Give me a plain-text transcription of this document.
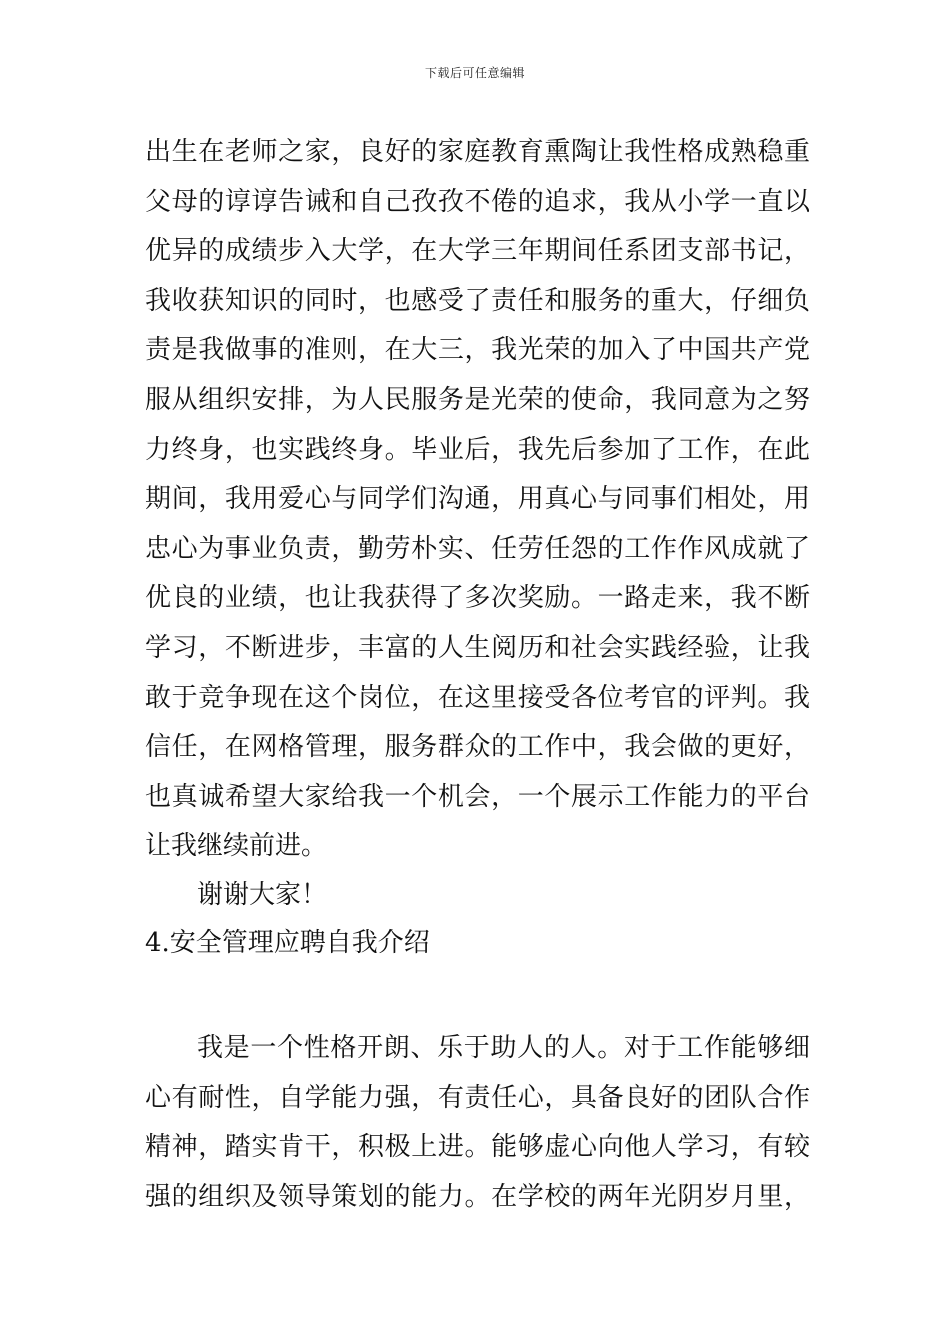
下载后可任意编辑
出生在老师之家，良好的家庭教育熏陶让我性格成熟稳重
父母的谆谆告诫和自己孜孜不倦的追求，我从小学一直以
优异的成绩步入大学，在大学三年期间任系团支部书记，
我收获知识的同时，也感受了责任和服务的重大，仔细负
责是我做事的准则，在大三，我光荣的加入了中国共产党
服从组织安排，为人民服务是光荣的使命，我同意为之努
力终身，也实践终身。毕业后，我先后参加了工作，在此
期间，我用爱心与同学们沟通，用真心与同事们相处，用
忠心为事业负责，勤劳朴实、任劳任怨的工作作风成就了
优良的业绩，也让我获得了多次奖励。一路走来，我不断
学习，不断进步，丰富的人生阅历和社会实践经验，让我
敢于竞争现在这个岗位，在这里接受各位考官的评判。我
信任，在网格管理，服务群众的工作中，我会做的更好，
也真诚希望大家给我一个机会，一个展示工作能力的平台
让我继续前进。
谢谢大家！
4.安全管理应聘自我介绍
我是一个性格开朗、乐于助人的人。对于工作能够细
心有耐性，自学能力强，有责任心，具备良好的团队合作
精神，踏实肯干，积极上进。能够虚心向他人学习，有较
强的组织及领导策划的能力。在学校的两年光阴岁月里，
